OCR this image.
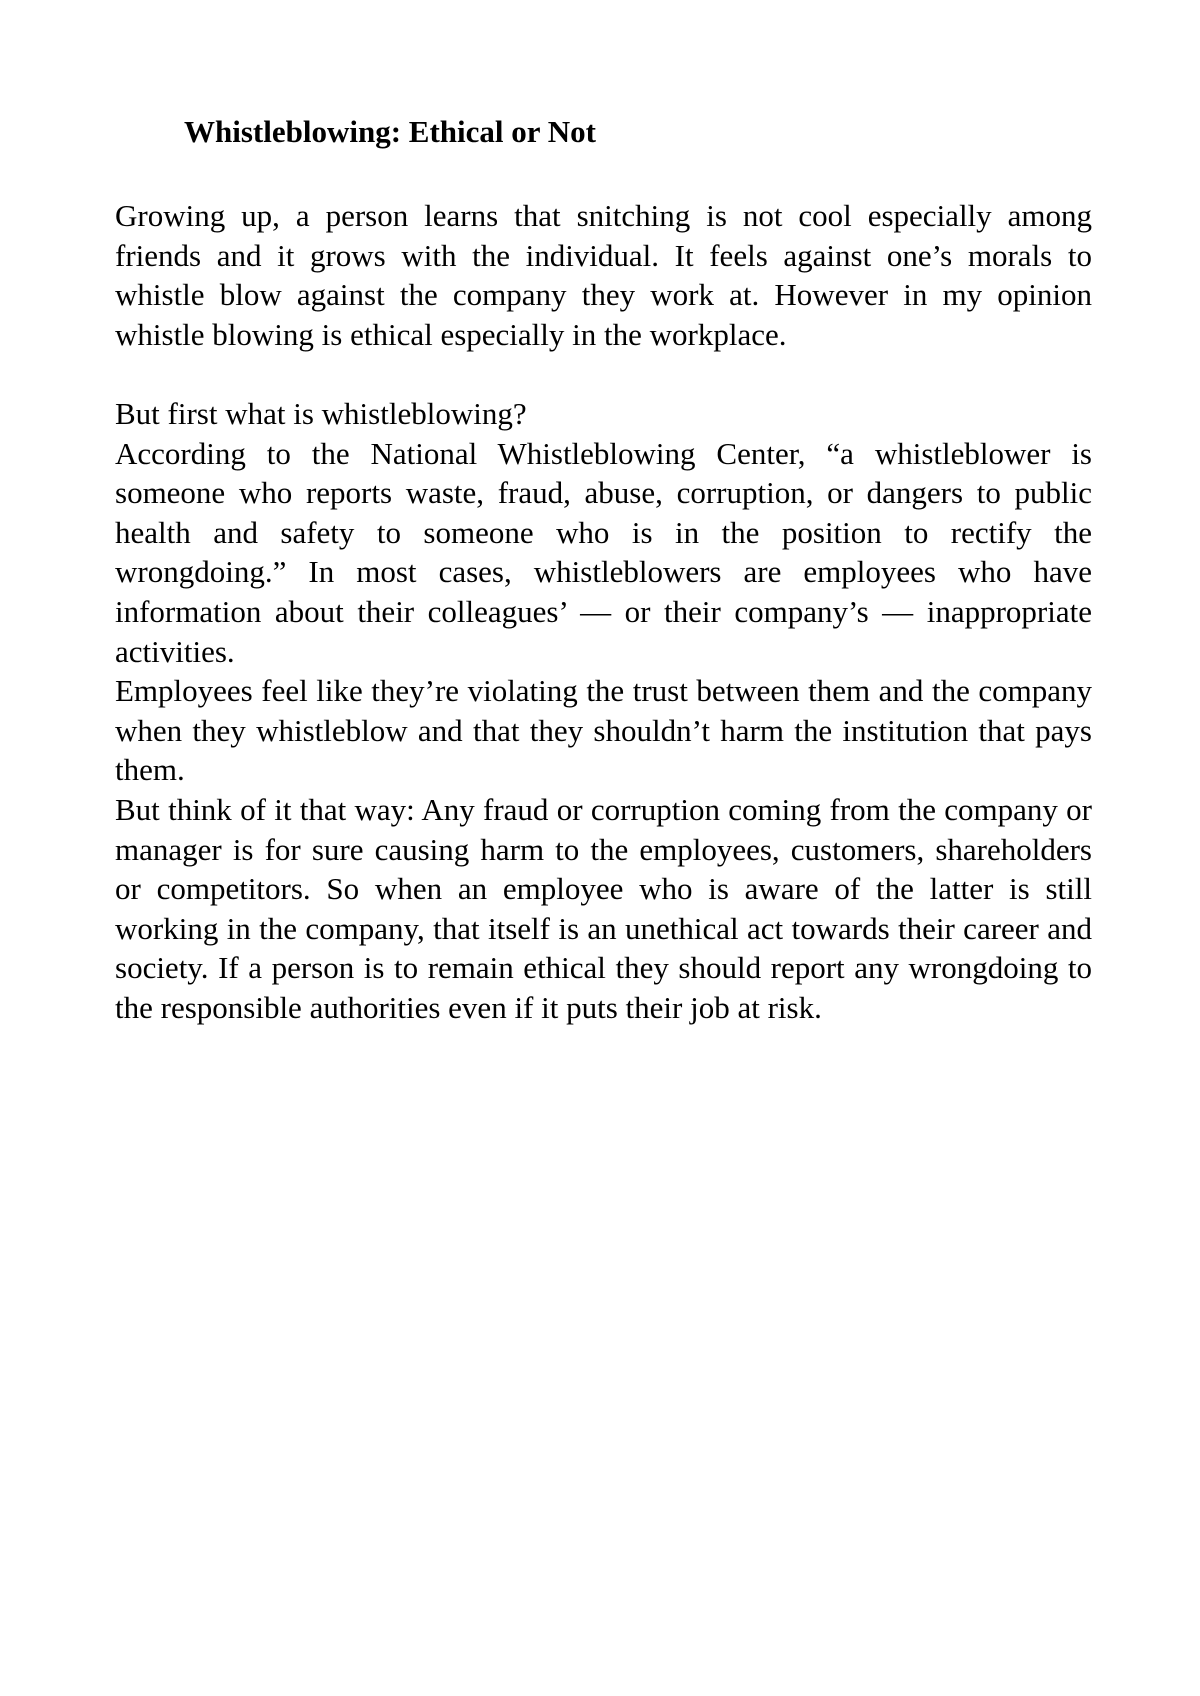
Whistleblowing: Ethical or Not

Growing up, a person learns that snitching is not cool especially among friends and it grows with the individual. It feels against one’s morals to whistle blow against the company they work at. However in my opinion whistle blowing is ethical especially in the workplace.

But first what is whistleblowing?

According to the National Whistleblowing Center, “a whistleblower is someone who reports waste, fraud, abuse, corruption, or dangers to public health and safety to someone who is in the position to rectify the wrongdoing.” In most cases, whistleblowers are employees who have information about their colleagues’ — or their company’s — inappropriate activities.

Employees feel like they’re violating the trust between them and the company when they whistleblow and that they shouldn’t harm the institution that pays them.

But think of it that way: Any fraud or corruption coming from the company or manager is for sure causing harm to the employees, customers, shareholders or competitors. So when an employee who is aware of the latter is still working in the company, that itself is an unethical act towards their career and society. If a person is to remain ethical they should report any wrongdoing to the responsible authorities even if it puts their job at risk.
